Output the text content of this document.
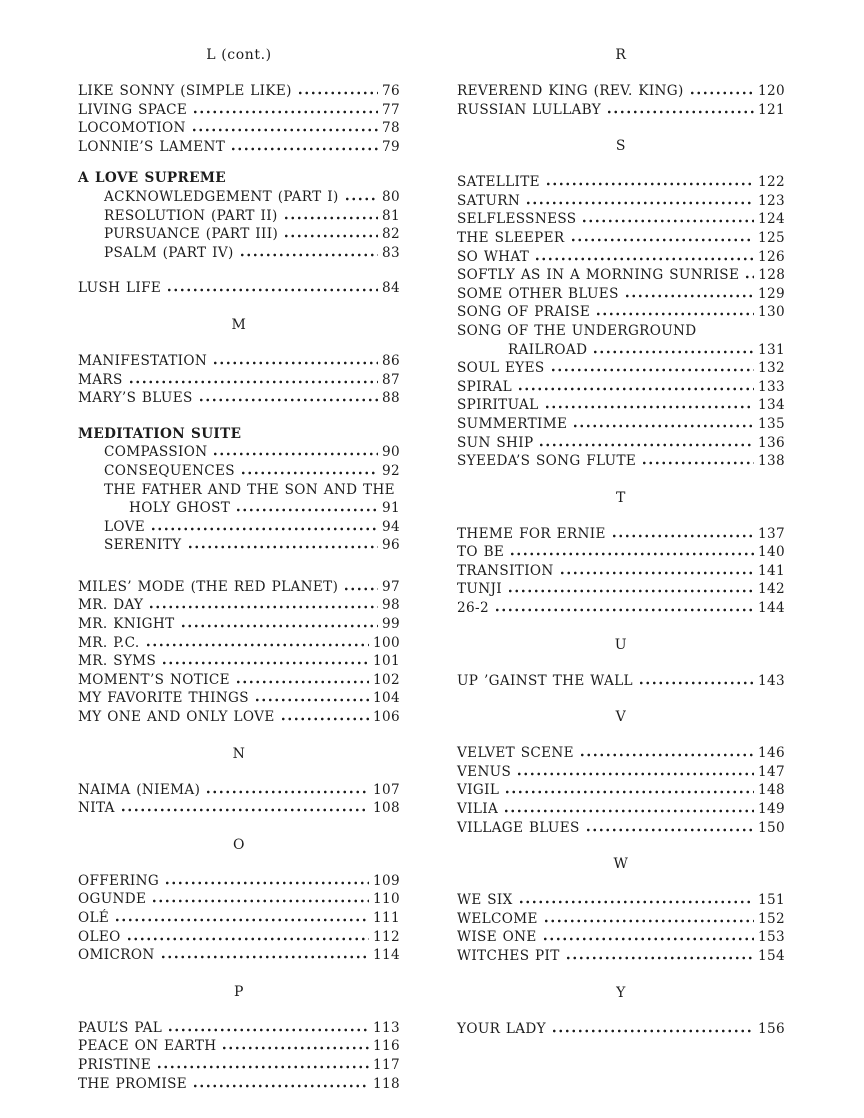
L (cont.)
LIKE SONNY (SIMPLE LIKE)	76
LIVING SPACE	77
LOCOMOTION	78
LONNIE’S LAMENT	79
A LOVE SUPREME
ACKNOWLEDGEMENT (PART I)	80
RESOLUTION (PART II)	81
PURSUANCE (PART III)	82
PSALM (PART IV)	83
LUSH LIFE	84
M
MANIFESTATION	86
MARS	87
MARY’S BLUES	88
MEDITATION SUITE
COMPASSION	90
CONSEQUENCES	92
THE FATHER AND THE SON AND THE
HOLY GHOST	91
LOVE	94
SERENITY	96
MILES’ MODE (THE RED PLANET)	97
MR. DAY	98
MR. KNIGHT	99
MR. P.C.	100
MR. SYMS	101
MOMENT’S NOTICE	102
MY FAVORITE THINGS	104
MY ONE AND ONLY LOVE	106
N
NAIMA (NIEMA)	107
NITA	108
O
OFFERING	109
OGUNDE	110
OLÉ	111
OLEO	112
OMICRON	114
P
PAUL’S PAL	113
PEACE ON EARTH	116
PRISTINE	117
THE PROMISE	118
R
REVEREND KING (REV. KING)	120
RUSSIAN LULLABY	121
S
SATELLITE	122
SATURN	123
SELFLESSNESS	124
THE SLEEPER	125
SO WHAT	126
SOFTLY AS IN A MORNING SUNRISE 128
SOME OTHER BLUES	129
SONG OF PRAISE	130
SONG OF THE UNDERGROUND
RAILROAD	131
SOUL EYES	132
SPIRAL	133
SPIRITUAL	134
SUMMERTIME	135
SUN SHIP	136
SYEEDA’S SONG FLUTE	138
T
THEME FOR ERNIE	137
TO BE	140
TRANSITION	141
TUNJI	142
26-2	144
U
UP ’GAINST THE WALL	143
V
VELVET SCENE	146
VENUS	147
VIGIL	148
VILIA	149
VILLAGE BLUES	150
W
WE SIX	151
WELCOME	152
WISE ONE	153
WITCHES PIT	154
Y
YOUR LADY	156
